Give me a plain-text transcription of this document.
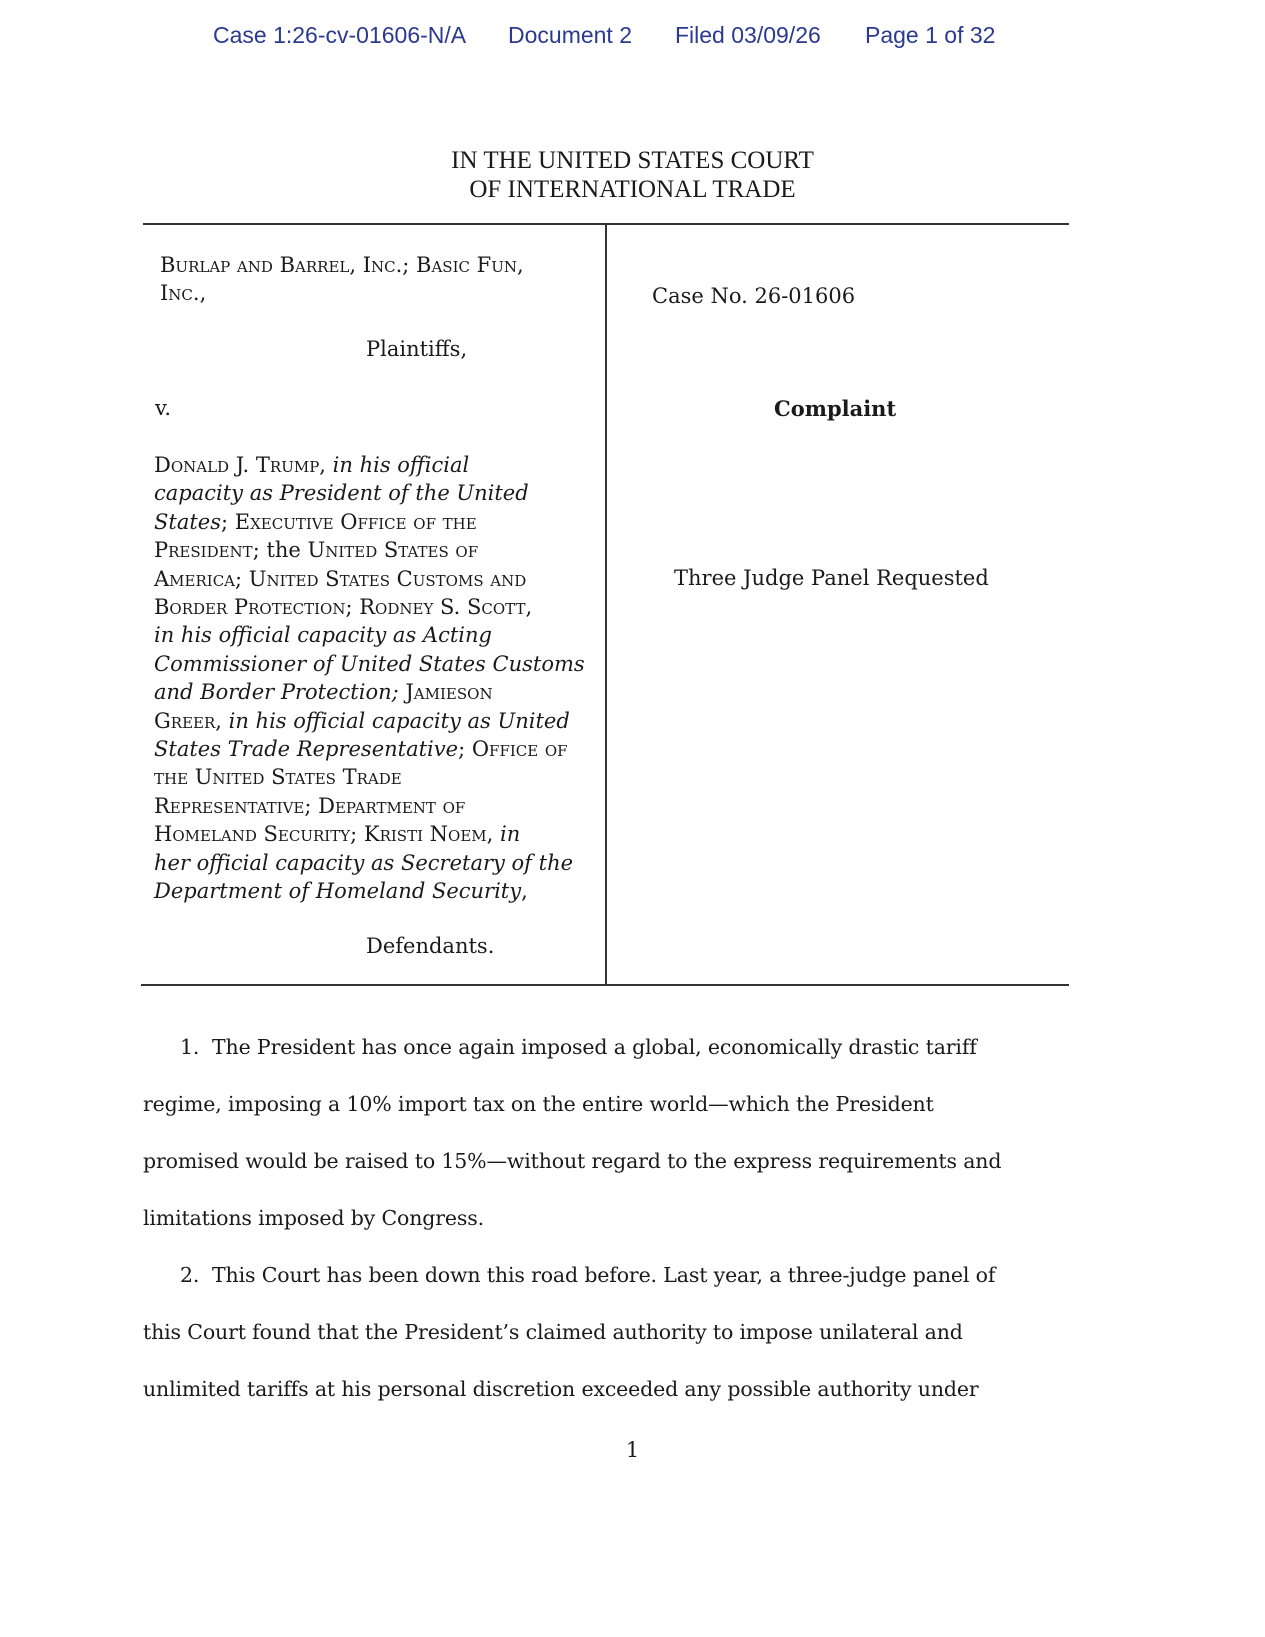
Case 1:26-cv-01606-N/A Document 2 Filed 03/09/26 Page 1 of 32
IN THE UNITED STATES COURT
OF INTERNATIONAL TRADE
Burlap and Barrel, Inc.; Basic Fun,
Inc.,
Plaintiffs,
v.
Donald J. Trump, in his official
capacity as President of the United
States; Executive Office of the
President; the United States of
America; United States Customs and
Border Protection; Rodney S. Scott,
in his official capacity as Acting
Commissioner of United States Customs
and Border Protection; Jamieson
Greer, in his official capacity as United
States Trade Representative; Office of
the United States Trade
Representative; Department of
Homeland Security; Kristi Noem, in
her official capacity as Secretary of the
Department of Homeland Security,
Defendants.
Case No. 26-01606
Complaint
Three Judge Panel Requested
1.  The President has once again imposed a global, economically drastic tariff
regime, imposing a 10% import tax on the entire world—which the President
promised would be raised to 15%—without regard to the express requirements and
limitations imposed by Congress.
2.  This Court has been down this road before. Last year, a three-judge panel of
this Court found that the President’s claimed authority to impose unilateral and
unlimited tariffs at his personal discretion exceeded any possible authority under
1
